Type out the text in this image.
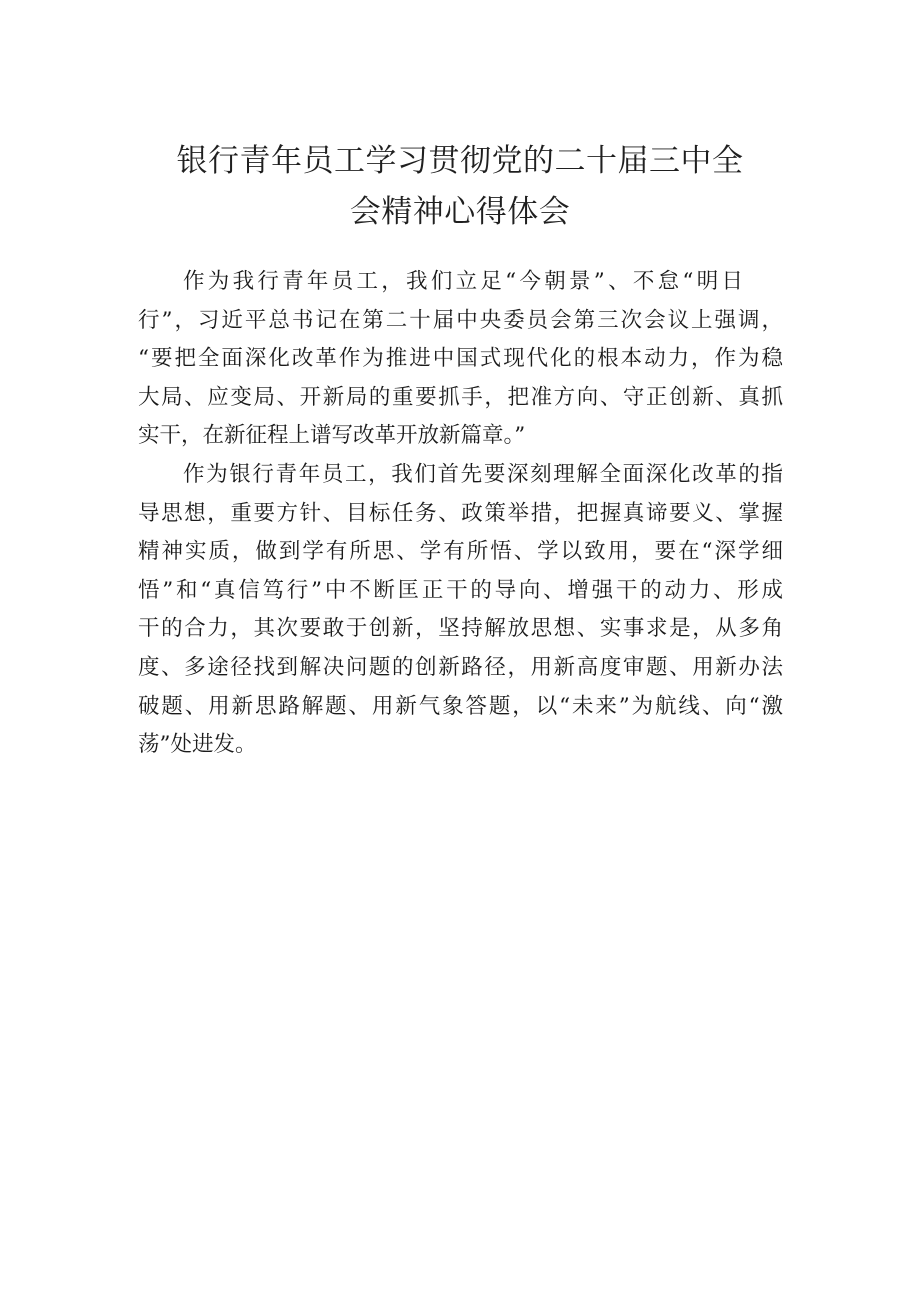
银行青年员工学习贯彻党的二十届三中全
会精神心得体会

作为我行青年员工，我们立足“今朝景”、不怠“明日
行”，习近平总书记在第二十届中央委员会第三次会议上强调，
“要把全面深化改革作为推进中国式现代化的根本动力，作为稳
大局、应变局、开新局的重要抓手，把准方向、守正创新、真抓
实干，在新征程上谱写改革开放新篇章。”

作为银行青年员工，我们首先要深刻理解全面深化改革的指
导思想，重要方针、目标任务、政策举措，把握真谛要义、掌握
精神实质，做到学有所思、学有所悟、学以致用，要在“深学细
悟”和“真信笃行”中不断匡正干的导向、增强干的动力、形成
干的合力，其次要敢于创新，坚持解放思想、实事求是，从多角
度、多途径找到解决问题的创新路径，用新高度审题、用新办法
破题、用新思路解题、用新气象答题，以“未来”为航线、向“激
荡”处进发。
